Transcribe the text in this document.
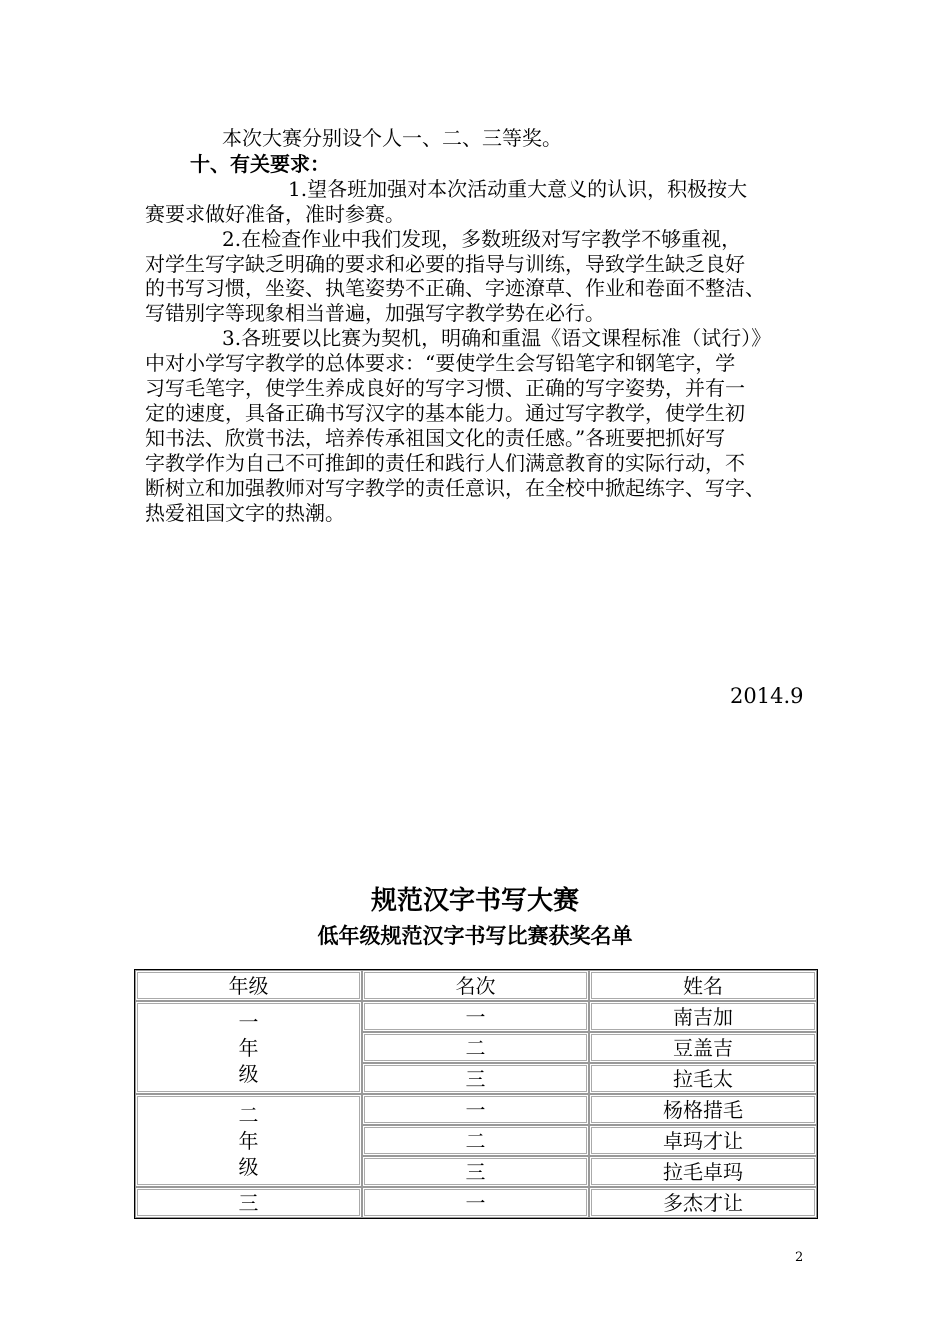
本次大赛分别设个人一、二、三等奖。
十、有关要求：
1.望各班加强对本次活动重大意义的认识，积极按大
赛要求做好准备，准时参赛。
2.在检查作业中我们发现，多数班级对写字教学不够重视，
对学生写字缺乏明确的要求和必要的指导与训练，导致学生缺乏良好
的书写习惯，坐姿、执笔姿势不正确、字迹潦草、作业和卷面不整洁、
写错别字等现象相当普遍，加强写字教学势在必行。
3.各班要以比赛为契机，明确和重温《语文课程标准（试行）》
中对小学写字教学的总体要求：“要使学生会写铅笔字和钢笔字，学
习写毛笔字，使学生养成良好的写字习惯、正确的写字姿势，并有一
定的速度，具备正确书写汉字的基本能力。通过写字教学，使学生初
知书法、欣赏书法，培养传承祖国文化的责任感。”各班要把抓好写
字教学作为自己不可推卸的责任和践行人们满意教育的实际行动，不
断树立和加强教师对写字教学的责任意识，在全校中掀起练字、写字、
热爱祖国文字的热潮。
2014.9
规范汉字书写大赛
低年级规范汉字书写比赛获奖名单
年级	名次	姓名

一
年
级	一	南吉加
	二	豆盖吉
	三	拉毛太

二
年
级	一	杨格措毛
	二	卓玛才让
	三	拉毛卓玛
三	一	多杰才让
2
